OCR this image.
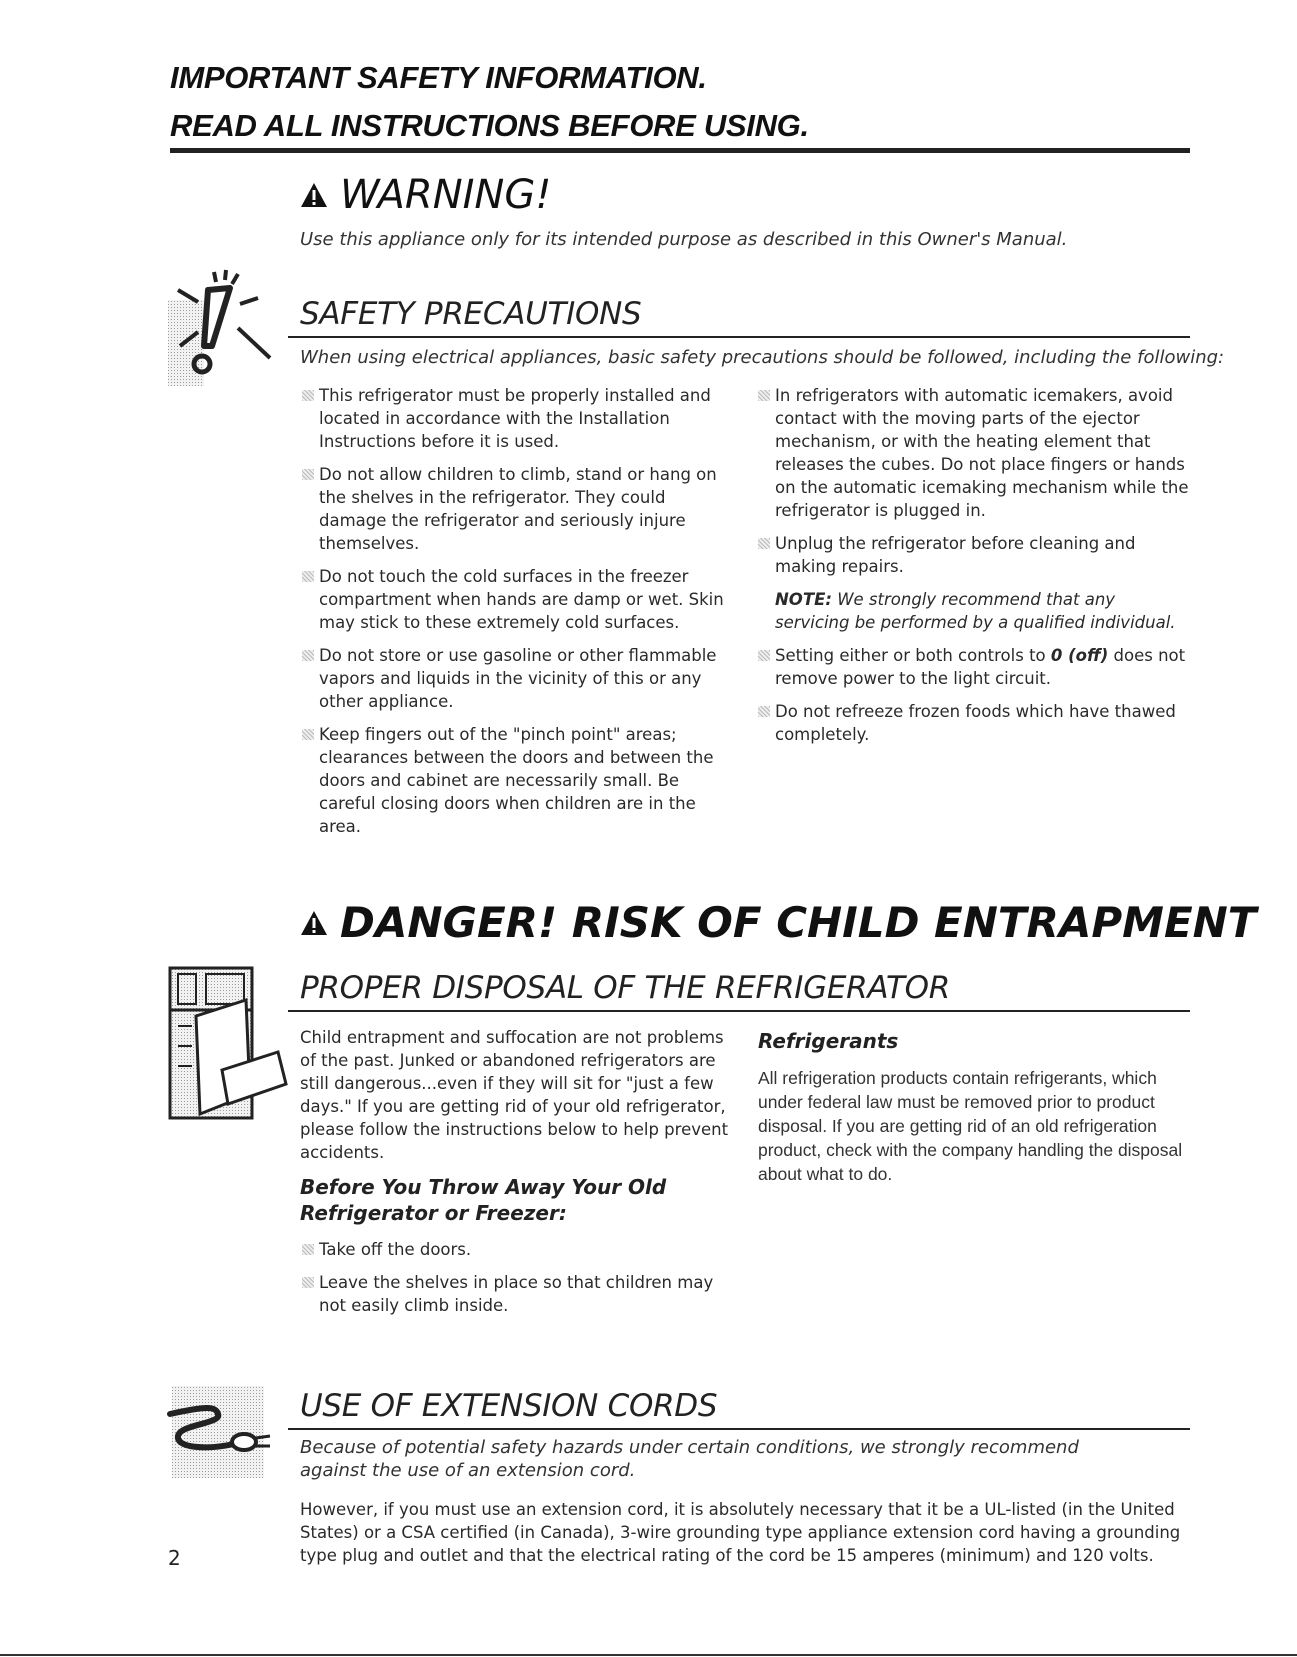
IMPORTANT SAFETY INFORMATION.
READ ALL INSTRUCTIONS BEFORE USING.
WARNING!
Use this appliance only for its intended purpose as described in this Owner's Manual.
SAFETY PRECAUTIONS
When using electrical appliances, basic safety precautions should be followed, including the following:

This refrigerator must be properly installed and located in accordance with the Installation Instructions before it is used.

Do not allow children to climb, stand or hang on the shelves in the refrigerator. They could damage the refrigerator and seriously injure themselves.

Do not touch the cold surfaces in the freezer compartment when hands are damp or wet. Skin may stick to these extremely cold surfaces.

Do not store or use gasoline or other flammable vapors and liquids in the vicinity of this or any other appliance.

Keep fingers out of the "pinch point" areas; clearances between the doors and between the doors and cabinet are necessarily small. Be careful closing doors when children are in the area.

In refrigerators with automatic icemakers, avoid contact with the moving parts of the ejector mechanism, or with the heating element that releases the cubes. Do not place fingers or hands on the automatic icemaking mechanism while the refrigerator is plugged in.

Unplug the refrigerator before cleaning and making repairs.

NOTE: We strongly recommend that any servicing be performed by a qualified individual.

Setting either or both controls to 0 (off) does not remove power to the light circuit.

Do not refreeze frozen foods which have thawed completely.

DANGER! RISK OF CHILD ENTRAPMENT
PROPER DISPOSAL OF THE REFRIGERATOR

Child entrapment and suffocation are not problems of the past. Junked or abandoned refrigerators are still dangerous...even if they will sit for "just a few days." If you are getting rid of your old refrigerator, please follow the instructions below to help prevent accidents.

Before You Throw Away Your Old
Refrigerator or Freezer:

Take off the doors.

Leave the shelves in place so that children may not easily climb inside.

Refrigerants
All refrigeration products contain refrigerants, which under federal law must be removed prior to product disposal. If you are getting rid of an old refrigeration product, check with the company handling the disposal about what to do.
USE OF EXTENSION CORDS
Because of potential safety hazards under certain conditions, we strongly recommend against the use of an extension cord.
However, if you must use an extension cord, it is absolutely necessary that it be a UL-listed (in the United States) or a CSA certified (in Canada), 3-wire grounding type appliance extension cord having a grounding type plug and outlet and that the electrical rating of the cord be 15 amperes (minimum) and 120 volts.
2
